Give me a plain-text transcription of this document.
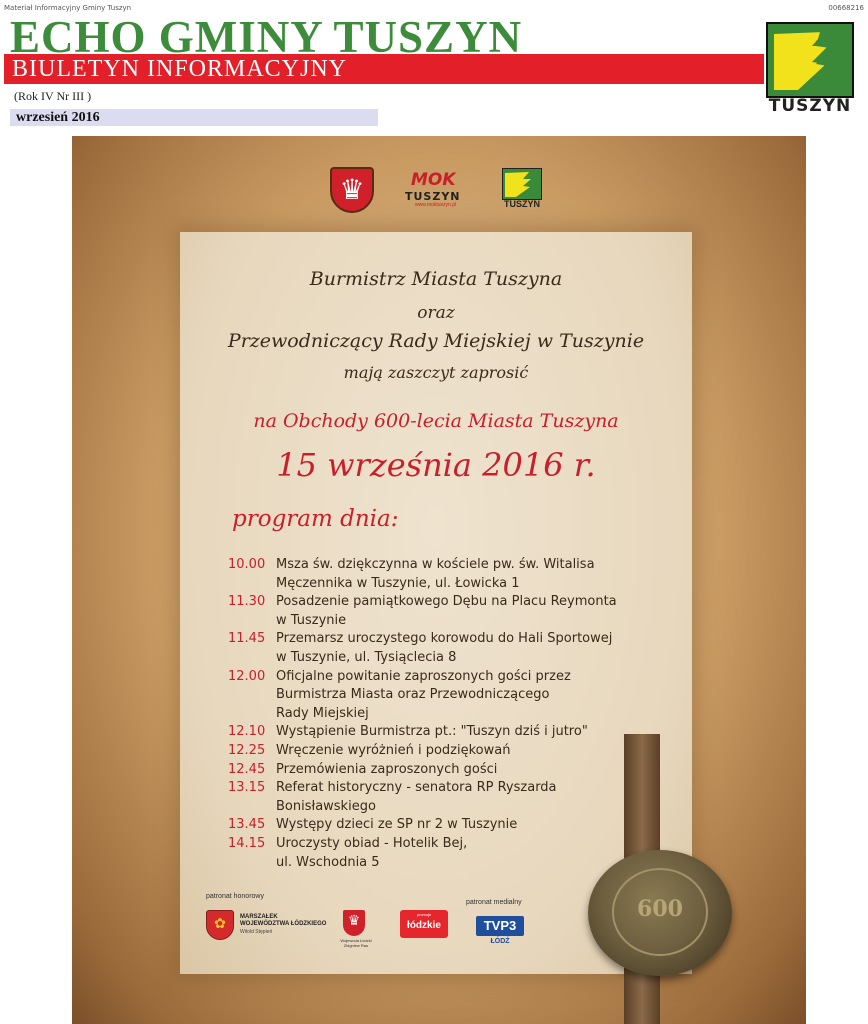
Materiał Informacyjny Gminy Tuszyn	00668216
ECHO GMINY TUSZYN
BIULETYN INFORMACYJNY
(Rok IV Nr III )
wrzesień 2016
TUSZYN
♛	MOK
TUSZYN
www.moktuszyn.pl	TUSZYN
Burmistrz Miasta Tuszyna
oraz
Przewodniczący Rady Miejskiej w Tuszynie
mają zaszczyt zaprosić
na Obchody 600-lecia Miasta Tuszyna
15 września 2016 r.
program dnia:
10.00 Msza św. dziękczynna w kościele pw. św. Witalisa
Męczennika w Tuszynie, ul. Łowicka 1
11.30 Posadzenie pamiątkowego Dębu na Placu Reymonta
w Tuszynie
11.45 Przemarsz uroczystego korowodu do Hali Sportowej
w Tuszynie, ul. Tysiąclecia 8
12.00 Oficjalne powitanie zaproszonych gości przez
Burmistrza Miasta oraz Przewodniczącego
Rady Miejskiej
12.10 Wystąpienie Burmistrza pt.: "Tuszyn dziś i jutro"
12.25 Wręczenie wyróżnień i podziękowań
12.45 Przemówienia zaproszonych gości
13.15 Referat historyczny - senatora RP Ryszarda
Bonisławskiego
13.45 Występy dzieci ze SP nr 2 w Tuszynie
14.15 Uroczysty obiad - Hotelik Bej,
ul. Wschodnia 5
patronat honorowy
patronat medialny
✿	MARSZAŁEK
WOJEWÓDZTWA ŁÓDZKIEGO
Witold Stępień
♛
Wojewoda Łódzki
Zbigniew Rau
promuje
łódzkie	TVP3
ŁÓDŹ
600
